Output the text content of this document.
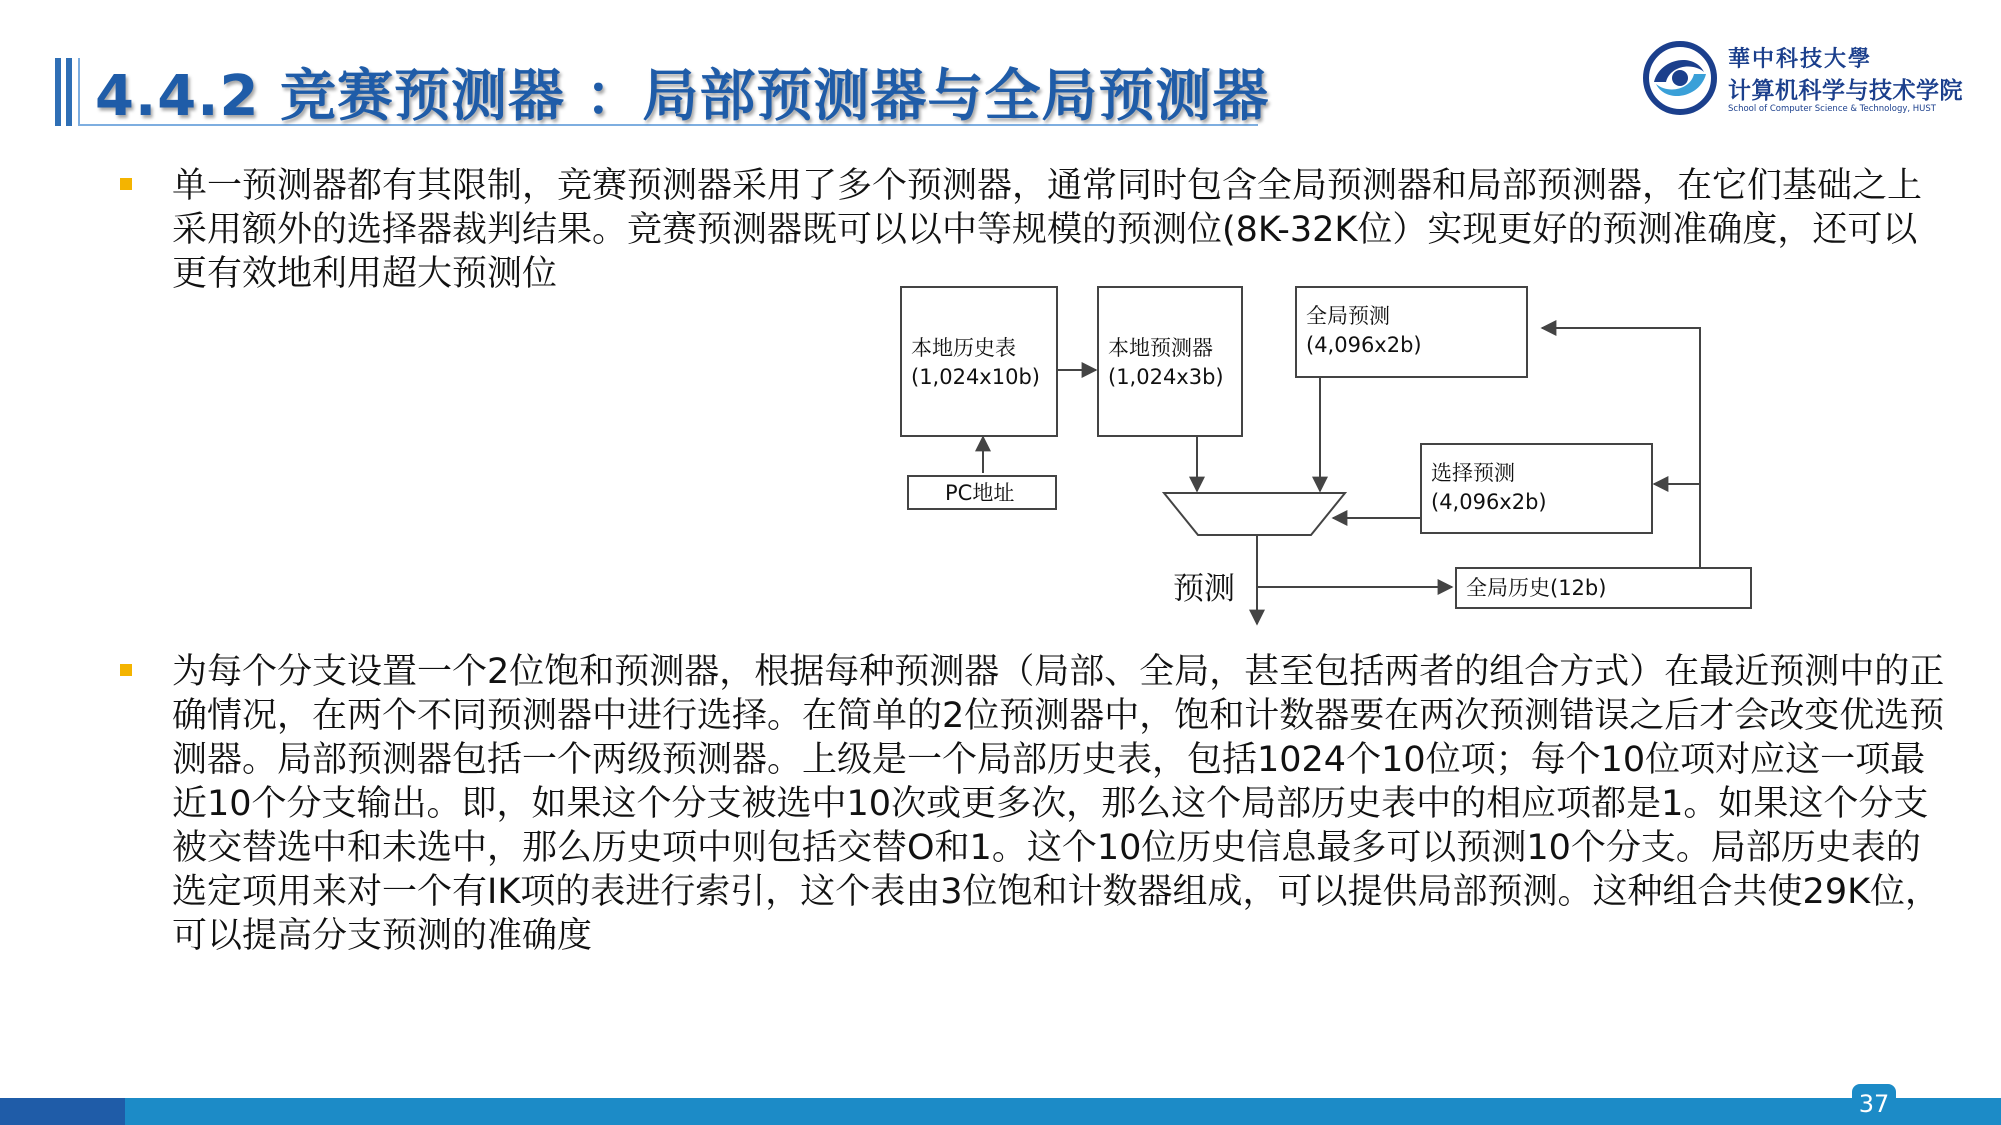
4.4.2 竞赛预测器 ：局部预测器与全局预测器
華中科技大學
计算机科学与技术学院
School of Computer Science & Technology, HUST

单一预测器都有其限制，竞赛预测器采用了多个预测器，通常同时包含全局预测器和局部预测器，在它们基础之上采用额外的选择器裁判结果。竞赛预测器既可以以中等规模的预测位(8K-32K位）实现更好的预测准确度，还可以更有效地利用超大预测位

本地历史表
(1,024x10b)
本地预测器
(1,024x3b)
全局预测
(4,096x2b)
选择预测
(4,096x2b)
PC地址
全局历史(12b)
预测

为每个分支设置一个2位饱和预测器，根据每种预测器（局部、全局，甚至包括两者的组合方式）在最近预测中的正确情况，在两个不同预测器中进行选择。在简单的2位预测器中，饱和计数器要在两次预测错误之后才会改变优选预测器。局部预测器包括一个两级预测器。上级是一个局部历史表，包括1024个10位项；每个10位项对应这一项最近10个分支输出。即，如果这个分支被选中10次或更多次，那么这个局部历史表中的相应项都是1。如果这个分支被交替选中和未选中，那么历史项中则包括交替O和1。这个10位历史信息最多可以预测10个分支。局部历史表的选定项用来对一个有IK项的表进行索引，这个表由3位饱和计数器组成，可以提供局部预测。这种组合共使29K位，可以提高分支预测的准确度

37
